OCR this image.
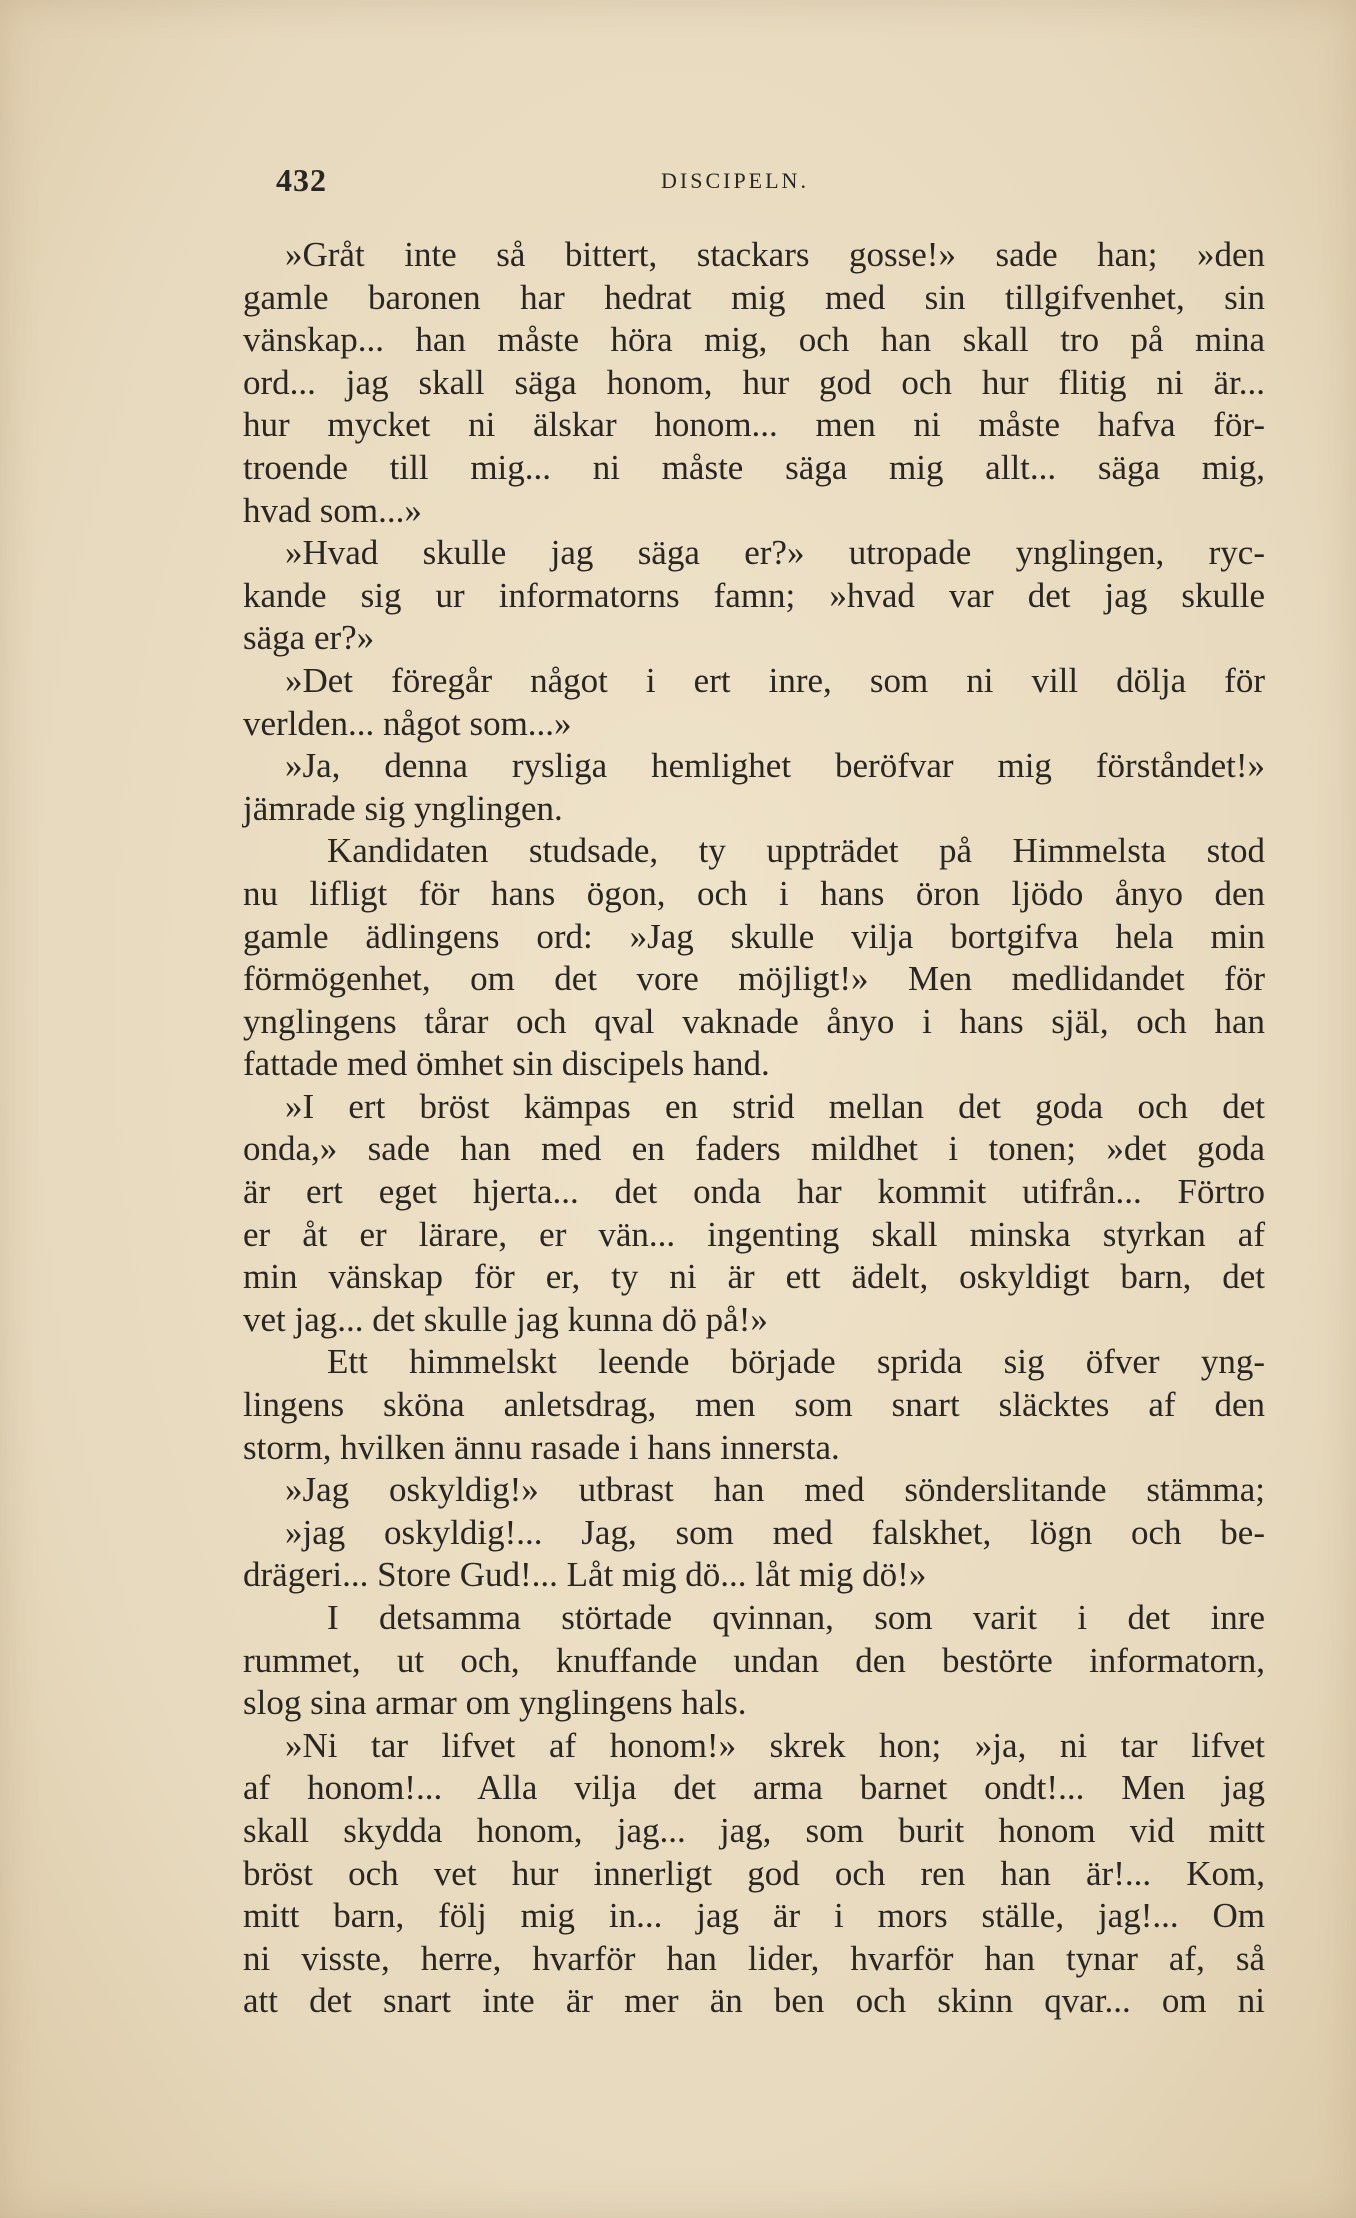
432	DISCIPELN.
»Gråt inte så bittert, stackars gosse!» sade han; »den
gamle baronen har hedrat mig med sin tillgifvenhet, sin
vänskap... han måste höra mig, och han skall tro på mina
ord... jag skall säga honom, hur god och hur flitig ni är...
hur mycket ni älskar honom... men ni måste hafva för-
troende till mig... ni måste säga mig allt... säga mig,
hvad som...»
»Hvad skulle jag säga er?» utropade ynglingen, ryc-
kande sig ur informatorns famn; »hvad var det jag skulle
säga er?»
»Det föregår något i ert inre, som ni vill dölja för
verlden... något som...»
»Ja, denna rysliga hemlighet beröfvar mig förståndet!»
jämrade sig ynglingen.
Kandidaten studsade, ty uppträdet på Himmelsta stod
nu lifligt för hans ögon, och i hans öron ljödo ånyo den
gamle ädlingens ord: »Jag skulle vilja bortgifva hela min
förmögenhet, om det vore möjligt!» Men medlidandet för
ynglingens tårar och qval vaknade ånyo i hans själ, och han
fattade med ömhet sin discipels hand.
»I ert bröst kämpas en strid mellan det goda och det
onda,» sade han med en faders mildhet i tonen; »det goda
är ert eget hjerta... det onda har kommit utifrån... Förtro
er åt er lärare, er vän... ingenting skall minska styrkan af
min vänskap för er, ty ni är ett ädelt, oskyldigt barn, det
vet jag... det skulle jag kunna dö på!»
Ett himmelskt leende började sprida sig öfver yng-
lingens sköna anletsdrag, men som snart släcktes af den
storm, hvilken ännu rasade i hans innersta.
»Jag oskyldig!» utbrast han med sönderslitande stämma;
»jag oskyldig!... Jag, som med falskhet, lögn och be-
drägeri... Store Gud!... Låt mig dö... låt mig dö!»
I detsamma störtade qvinnan, som varit i det inre
rummet, ut och, knuffande undan den bestörte informatorn,
slog sina armar om ynglingens hals.
»Ni tar lifvet af honom!» skrek hon; »ja, ni tar lifvet
af honom!... Alla vilja det arma barnet ondt!... Men jag
skall skydda honom, jag... jag, som burit honom vid mitt
bröst och vet hur innerligt god och ren han är!... Kom,
mitt barn, följ mig in... jag är i mors ställe, jag!... Om
ni visste, herre, hvarför han lider, hvarför han tynar af, så
att det snart inte är mer än ben och skinn qvar... om ni
